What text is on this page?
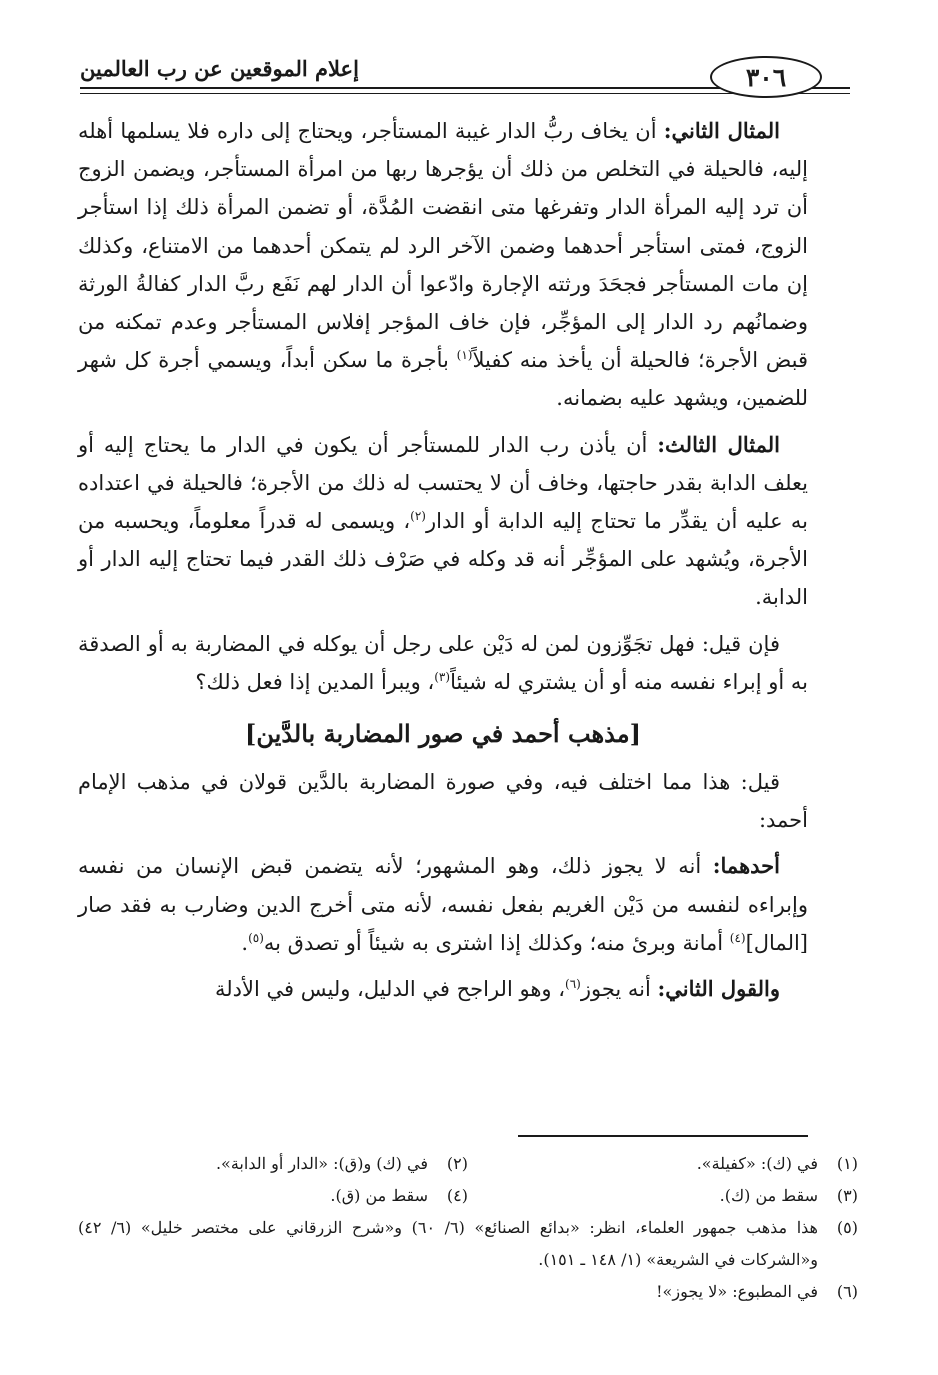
إعلام الموقعين عن رب العالمين	٣٠٦

المثال الثاني: أن يخاف ربُّ الدار غيبة المستأجر، ويحتاج إلى داره فلا يسلمها أهله إليه، فالحيلة في التخلص من ذلك أن يؤجرها ربها من امرأة المستأجر، ويضمن الزوج أن ترد إليه المرأة الدار وتفرغها متى انقضت المُدَّة، أو تضمن المرأة ذلك إذا استأجر الزوج، فمتى استأجر أحدهما وضمن الآخر الرد لم يتمكن أحدهما من الامتناع، وكذلك إن مات المستأجر فجحَدَ ورثته الإجارة وادّعوا أن الدار لهم نَفَع ربَّ الدار كفالةُ الورثة وضمانُهم رد الدار إلى المؤجِّر، فإن خاف المؤجر إفلاس المستأجر وعدم تمكنه من قبض الأجرة؛ فالحيلة أن يأخذ منه كفيلاً$^{(١)}$ بأجرة ما سكن أبداً، ويسمي أجرة كل شهر للضمين، ويشهد عليه بضمانه.

المثال الثالث: أن يأذن رب الدار للمستأجر أن يكون في الدار ما يحتاج إليه أو يعلف الدابة بقدر حاجتها، وخاف أن لا يحتسب له ذلك من الأجرة؛ فالحيلة في اعتداده به عليه أن يقدِّر ما تحتاج إليه الدابة أو الدار$^{(٢)}$، ويسمى له قدراً معلوماً، ويحسبه من الأجرة، ويُشهد على المؤجِّر أنه قد وكله في صَرْف ذلك القدر فيما تحتاج إليه الدار أو الدابة.

فإن قيل: فهل تجَوِّزون لمن له دَيْن على رجل أن يوكله في المضاربة به أو الصدقة به أو إبراء نفسه منه أو أن يشتري له شيئاً$^{(٣)}$، ويبرأ المدين إذا فعل ذلك؟

[مذهب أحمد في صور المضاربة بالدَّين]

قيل: هذا مما اختلف فيه، وفي صورة المضاربة بالدَّين قولان في مذهب الإمام أحمد:

أحدهما: أنه لا يجوز ذلك، وهو المشهور؛ لأنه يتضمن قبض الإنسان من نفسه وإبراءه لنفسه من دَيْن الغريم بفعل نفسه، لأنه متى أخرج الدين وضارب به فقد صار [المال]$^{(٤)}$ أمانة وبرئ منه؛ وكذلك إذا اشترى به شيئاً أو تصدق به$^{(٥)}$.

والقول الثاني: أنه يجوز$^{(٦)}$، وهو الراجح في الدليل، وليس في الأدلة

(١)
في (ك): «كفيلة».
(٢)
في (ك) و(ق): «الدار أو الدابة».
(٣)
سقط من (ك).
(٤)
سقط من (ق).
(٥)
هذا مذهب جمهور العلماء، انظر: «بدائع الصنائع» (٦/ ٦٠) و«شرح الزرقاني على مختصر خليل» (٦/ ٤٢) و«الشركات في الشريعة» (١/ ١٤٨ ـ ١٥١).
(٦)
في المطبوع: «لا يجوز»!
